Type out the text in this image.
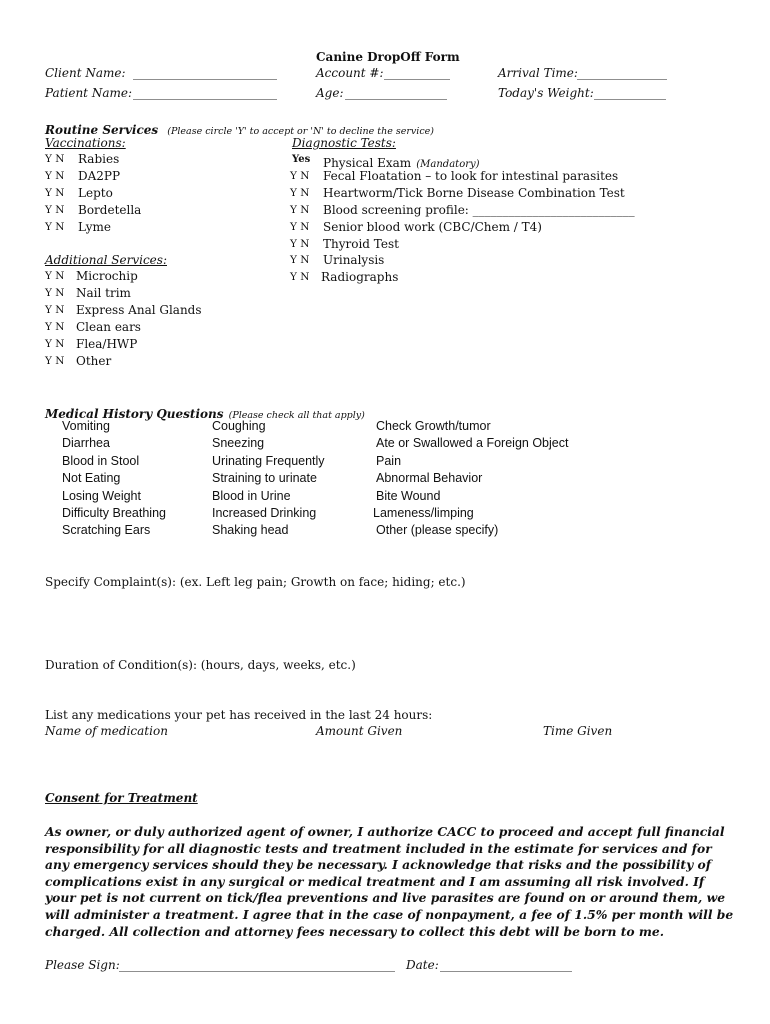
Canine DropOff Form
Client Name: ________________________
Patient Name: ________________________
Account #: ___________
Age: _________________
Arrival Time: _______________
Today's Weight: ____________
Routine Services (Please circle 'Y' to accept or 'N' to decline the service)
Vaccinations:
Y N Rabies
Y N DA2PP
Y N Lepto
Y N Bordetella
Y N Lyme
Additional Services:
Y N Microchip
Y N Nail trim
Y N Express Anal Glands
Y N Clean ears
Y N Flea/HWP
Y N Other
Diagnostic Tests:
Yes Physical Exam (Mandatory)
Y N Fecal Floatation – to look for intestinal parasites
Y N Heartworm/Tick Borne Disease Combination Test
Y N Blood screening profile: ___________________________
Y N Senior blood work (CBC/Chem / T4)
Y N Thyroid Test
Y N Urinalysis
Y N Radiographs
Medical History Questions (Please check all that apply)
Vomiting
Diarrhea
Blood in Stool
Not Eating
Losing Weight
Difficulty Breathing
Scratching Ears
Coughing
Sneezing
Urinating Frequently
Straining to urinate
Blood in Urine
Increased Drinking
Shaking head
Check Growth/tumor
Ate or Swallowed a Foreign Object
Pain
Abnormal Behavior
Bite Wound
Lameness/limping
Other (please specify)
Specify Complaint(s): (ex. Left leg pain; Growth on face; hiding; etc.)
Duration of Condition(s): (hours, days, weeks, etc.)
List any medications your pet has received in the last 24 hours:
Name of medication	Amount Given	Time Given
Consent for Treatment
As owner, or duly authorized agent of owner, I authorize CACC to proceed and accept full financial responsibility for all diagnostic tests and treatment included in the estimate for services and for any emergency services should they be necessary. I acknowledge that risks and the possibility of complications exist in any surgical or medical treatment and I am assuming all risk involved. If your pet is not current on tick/flea preventions and live parasites are found on or around them, we will administer a treatment. I agree that in the case of nonpayment, a fee of 1.5% per month will be charged. All collection and attorney fees necessary to collect this debt will be born to me.
Please Sign: ______________________________________________ Date: ______________________
